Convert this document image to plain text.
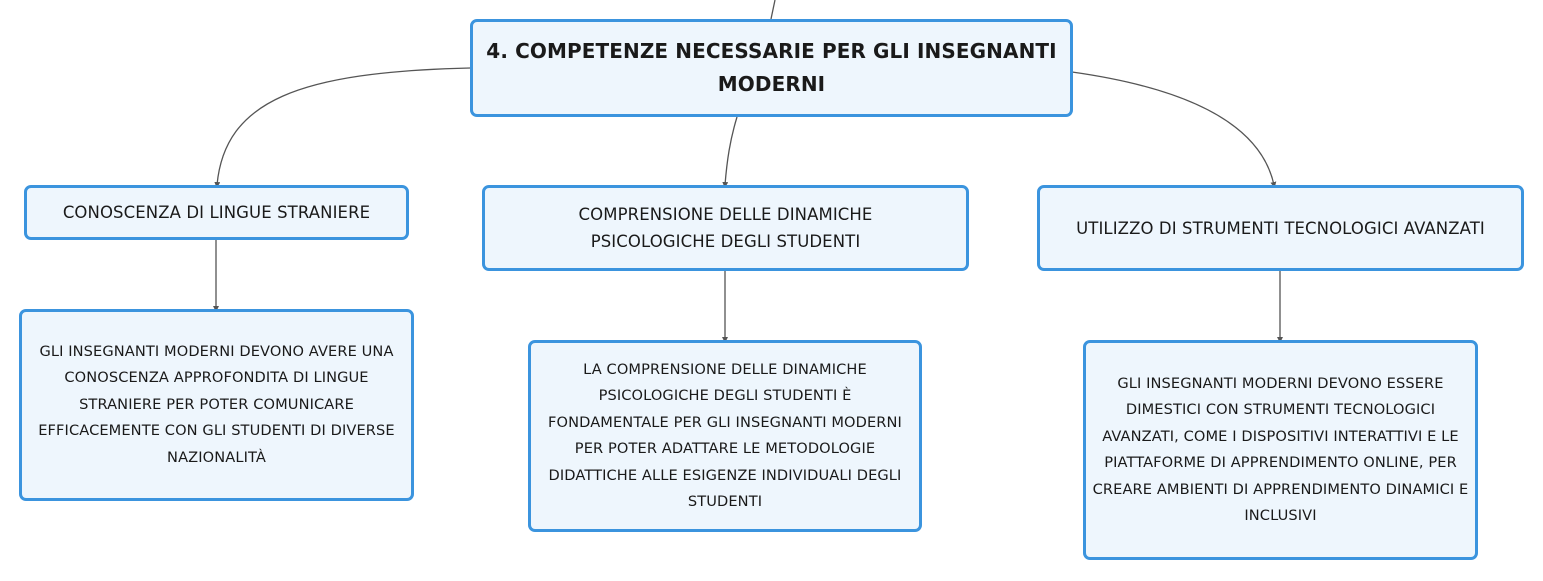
4. COMPETENZE NECESSARIE PER GLI INSEGNANTI MODERNI
CONOSCENZA DI LINGUE STRANIERE	COMPRENSIONE DELLE DINAMICHE PSICOLOGICHE DEGLI STUDENTI
UTILIZZO DI STRUMENTI TECNOLOGICI AVANZATI
GLI INSEGNANTI MODERNI DEVONO AVERE UNA CONOSCENZA APPROFONDITA DI LINGUE STRANIERE PER POTER COMUNICARE EFFICACEMENTE CON GLI STUDENTI DI DIVERSE NAZIONALITÀ
LA COMPRENSIONE DELLE DINAMICHE PSICOLOGICHE DEGLI STUDENTI È FONDAMENTALE PER GLI INSEGNANTI MODERNI PER POTER ADATTARE LE METODOLOGIE DIDATTICHE ALLE ESIGENZE INDIVIDUALI DEGLI STUDENTI
GLI INSEGNANTI MODERNI DEVONO ESSERE DIMESTICI CON STRUMENTI TECNOLOGICI AVANZATI, COME I DISPOSITIVI INTERATTIVI E LE PIATTAFORME DI APPRENDIMENTO ONLINE, PER CREARE AMBIENTI DI APPRENDIMENTO DINAMICI E INCLUSIVI
